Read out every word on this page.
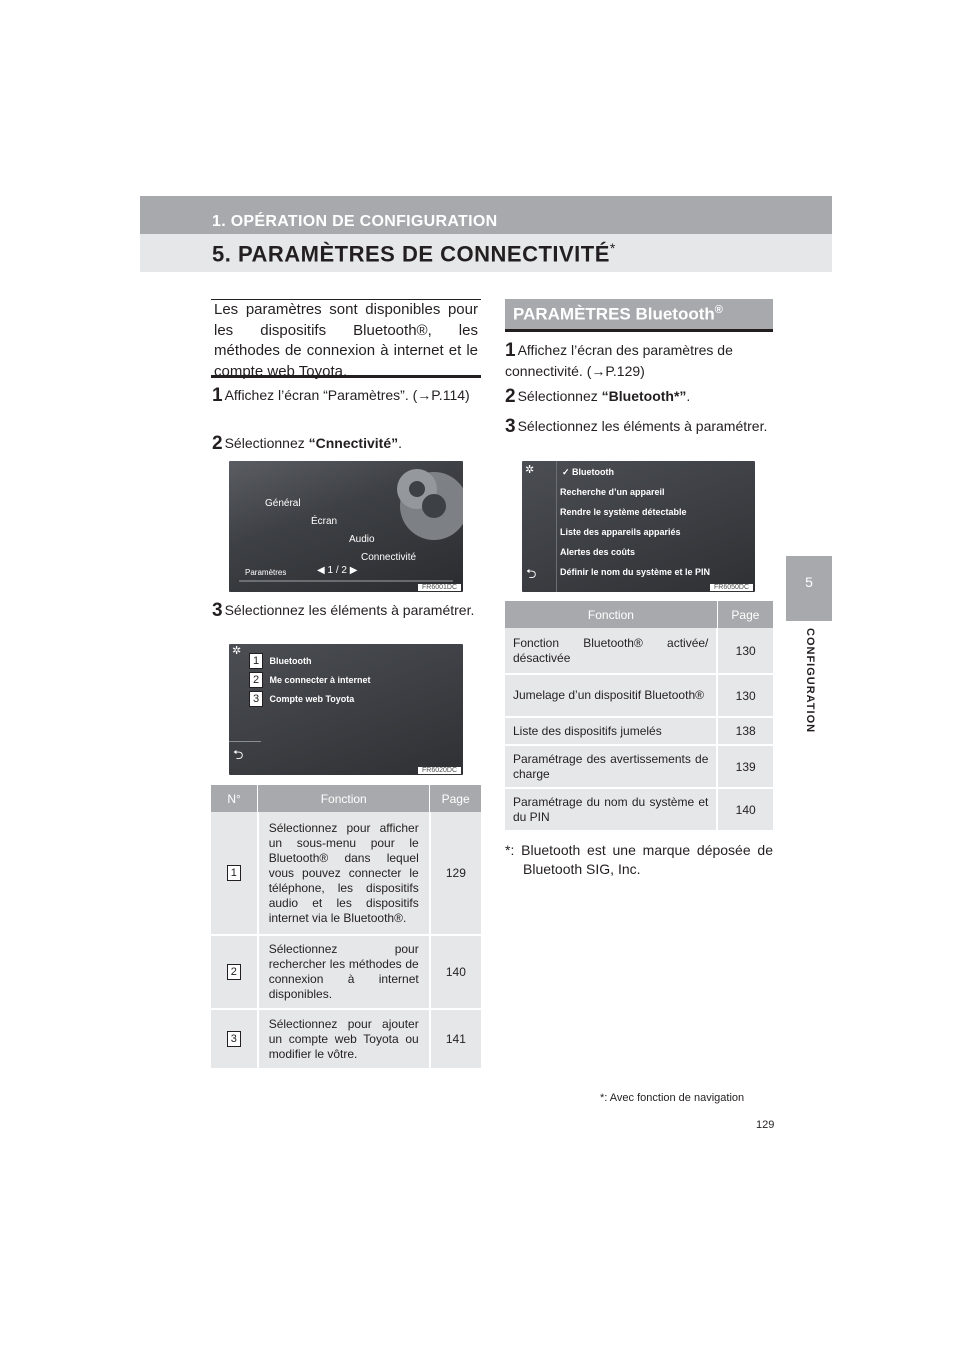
1. OPÉRATION DE CONFIGURATION
5. PARAMÈTRES DE CONNECTIVITÉ*
5
CONFIGURATION

Les paramètres sont disponibles pour les dispositifs Bluetooth®, les méthodes de connexion à internet et le compte web Toyota.

1 Affichez l’écran “Paramètres”. (→P.114)
2 Sélectionnez “Cnnectivité”.
Général
Écran
Audio
Connectivité
Paramètres	◀ 1 / 2 ▶
FR6001DC
3 Sélectionnez les éléments à paramétrer.
✲
⮌
1 Bluetooth
2 Me connecter à internet
3 Compte web Toyota
FR6020DC
N°	Fonction	Page
1	Sélectionnez pour afficher un sous-menu pour le Bluetooth® dans lequel vous pouvez connecter le téléphone, les dispositifs audio et les dispositifs internet via le Bluetooth®.	129
2	Sélectionnez pour rechercher les méthodes de connexion à internet disponibles.	140
3	Sélectionnez pour ajouter un compte web Toyota ou modifier le vôtre.	141
PARAMÈTRES Bluetooth®
1 Affichez l’écran des paramètres de connectivité. (→P.129)
2 Sélectionnez “Bluetooth*”.
3 Sélectionnez les éléments à paramétrer.
✲
⮌
✓ Bluetooth
Recherche d’un appareil
Rendre le système détectable
Liste des appareils appariés
Alertes des coûts
Définir le nom du système et le PIN
FR6050DC
Fonction	Page
Fonction Bluetooth® activée/ désactivée	130
Jumelage d’un dispositif Bluetooth®	130
Liste des dispositifs jumelés	138
Paramétrage des avertissements de charge	139
Paramétrage du nom du système et du PIN	140
*: Bluetooth est une marque déposée de Bluetooth SIG, Inc.
*: Avec fonction de navigation
129
